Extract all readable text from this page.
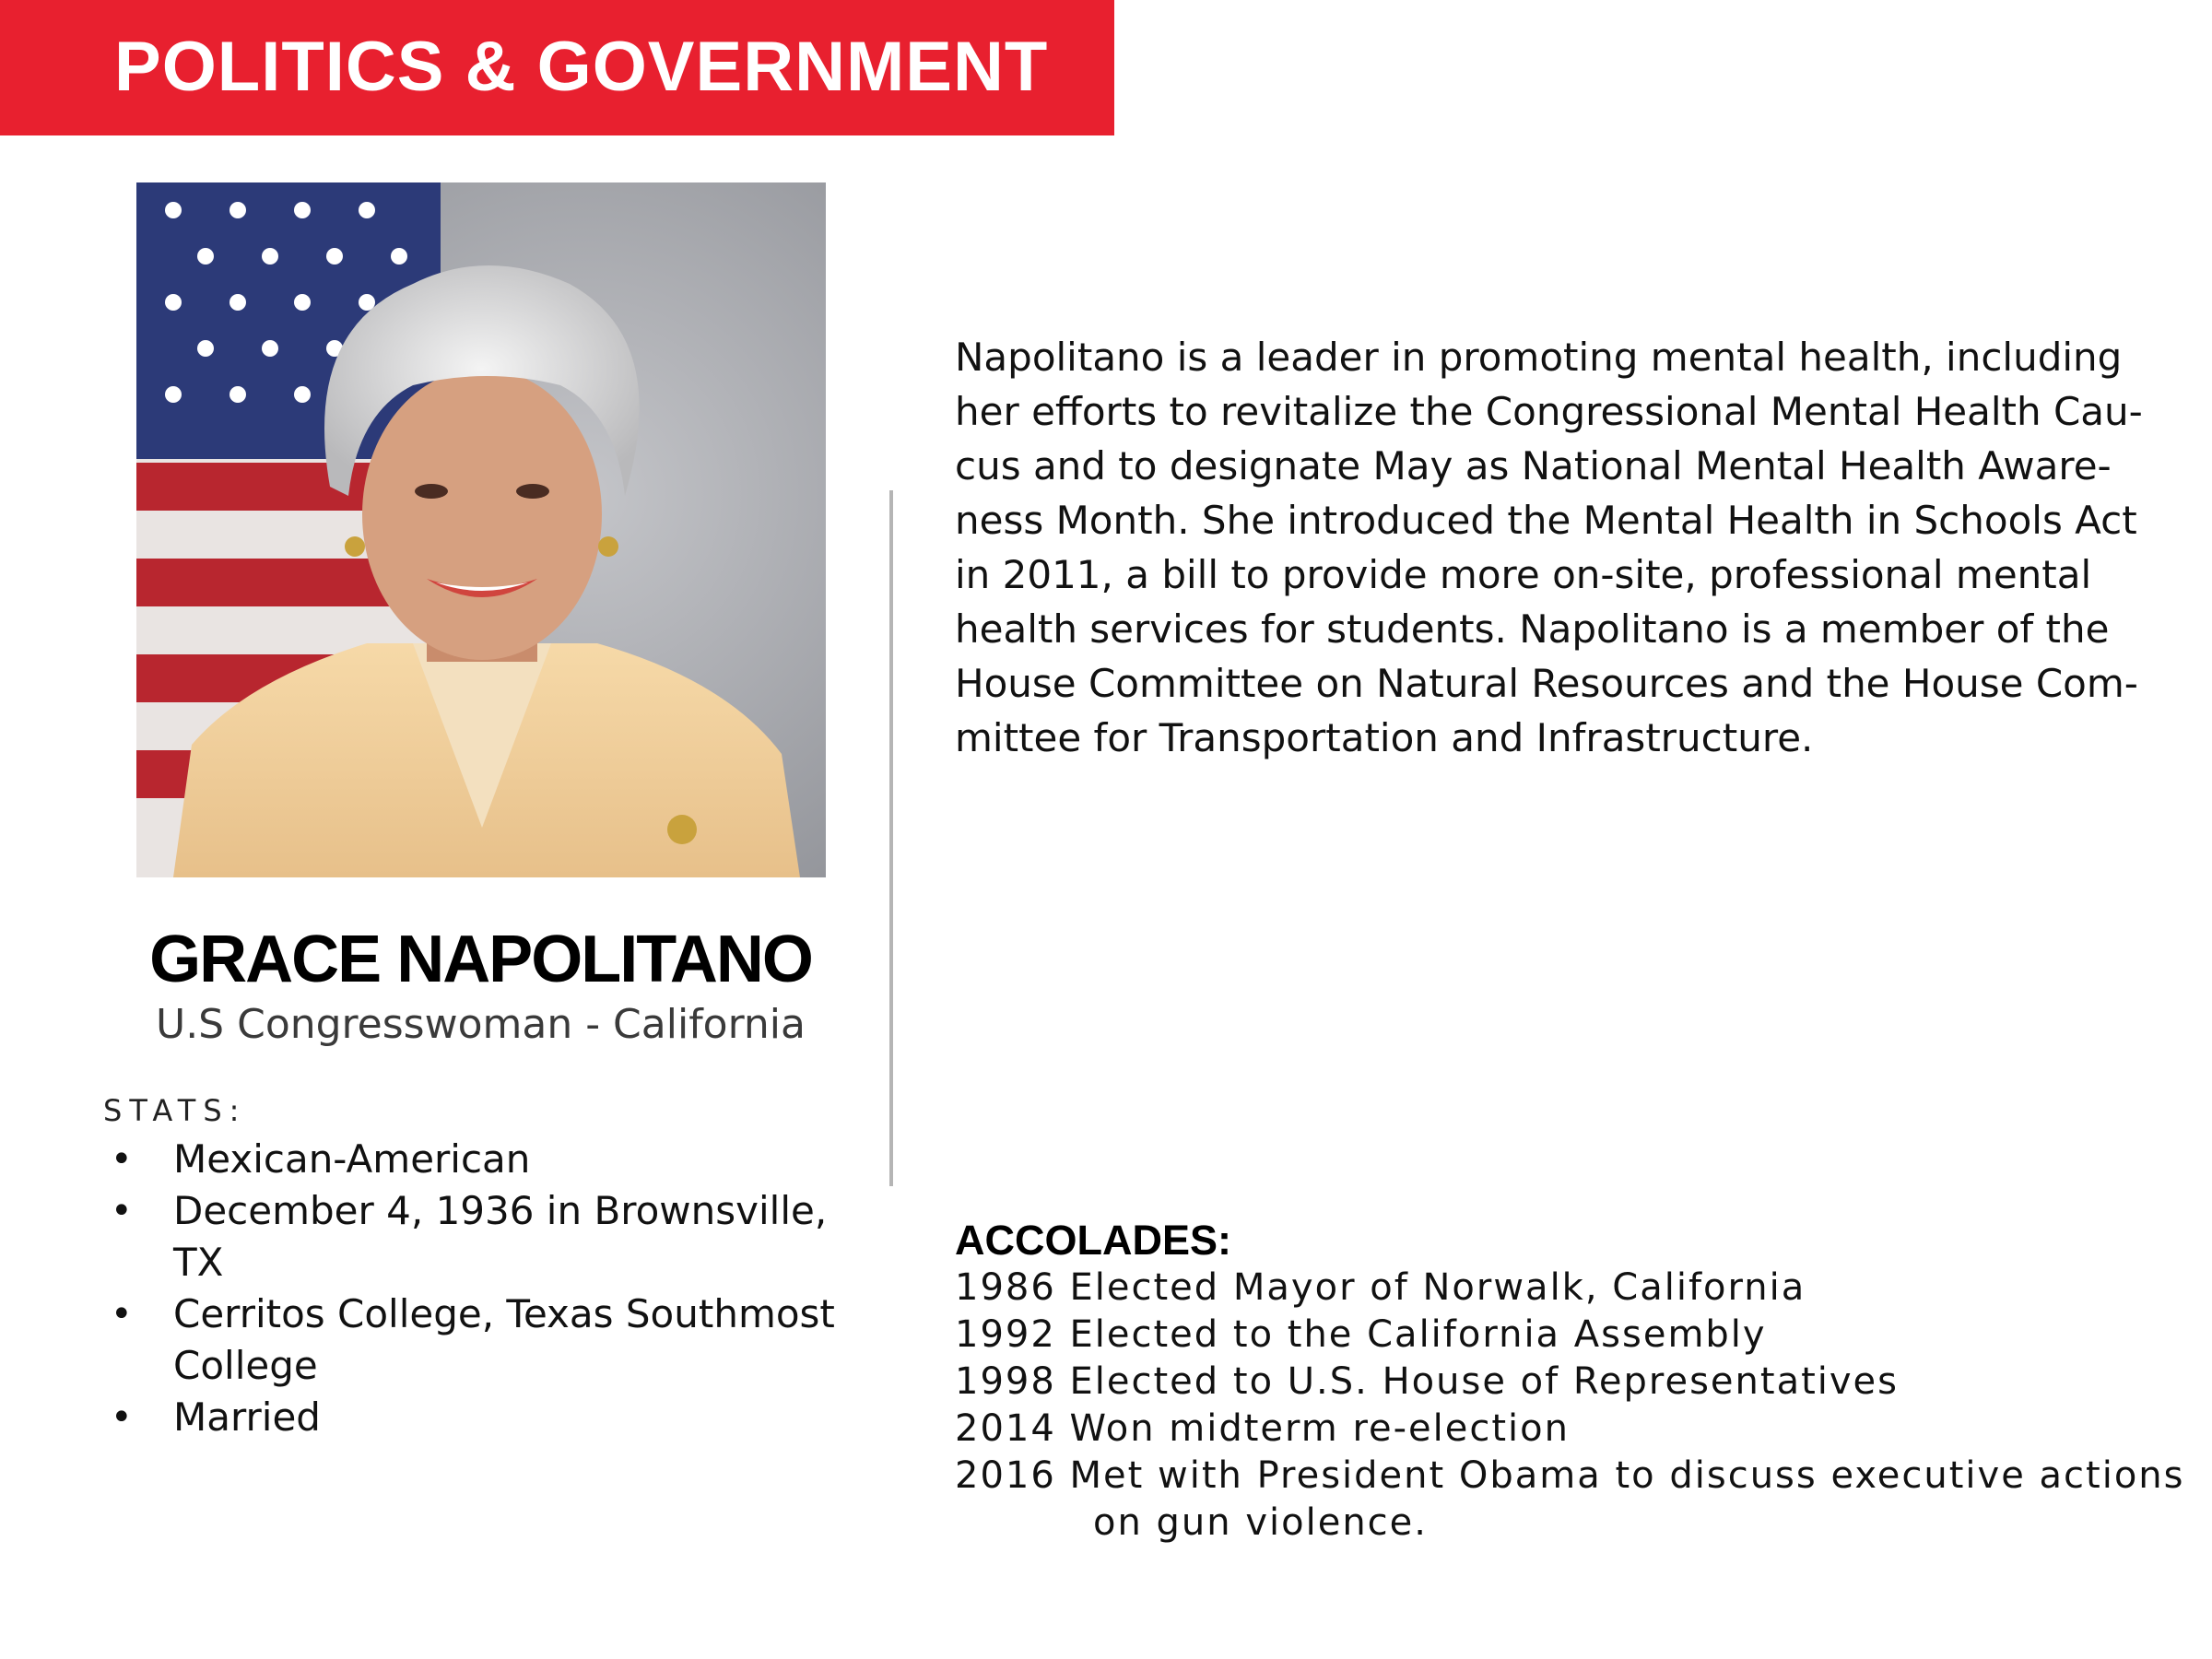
POLITICS & GOVERNMENT
GRACE NAPOLITANO
U.S Congresswoman - California
STATS:
• Mexican-American
• December 4, 1936 in Brownsville,
TX
• Cerritos College, Texas Southmost
College
• Married
Napolitano is a leader in promoting mental health, including
her efforts to revitalize the Congressional Mental Health Cau-
cus and to designate May as National Mental Health Aware-
ness Month. She introduced the Mental Health in Schools Act
in 2011, a bill to provide more on-site, professional mental
health services for students. Napolitano is a member of the
House Committee on Natural Resources and the House Com-
mittee for Transportation and Infrastructure.
ACCOLADES:
1986 Elected Mayor of Norwalk, California
1992 Elected to the California Assembly
1998 Elected to U.S. House of Representatives
2014 Won midterm re-election
2016 Met with President Obama to discuss executive actions
on gun violence.
